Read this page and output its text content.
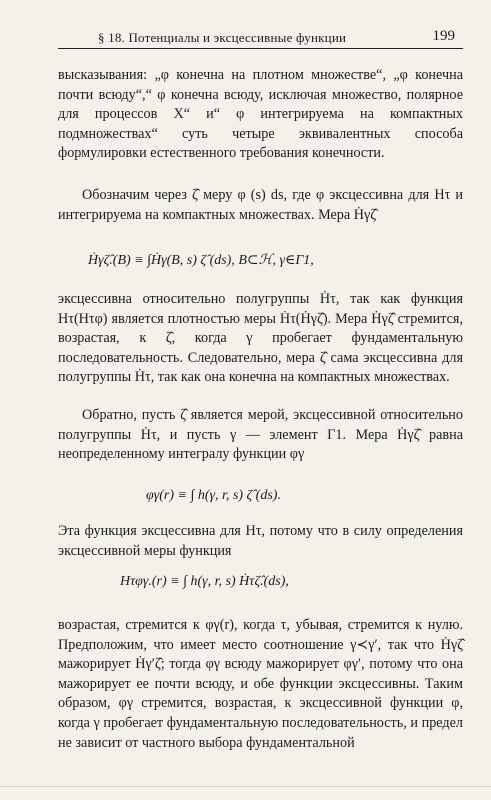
§ 18. Потенциалы и эксцессивные функции	199

высказывания: „φ конечна на плотном множестве“, „φ конечна почти всюду“,“ φ конечна всюду, исключая множество, полярное для процессов X“ и“ φ интегрируема на компактных подмножествах“ суть четыре эквивалентных способа формулировки естественного требования конечности.

Обозначим через ζ̂ меру φ (s) ds, где φ эксцессивна для Hτ и интегрируема на компактных множествах. Мера Ḣγζ̂

Ḣγζ̂.(B) ≡ ∫Ḣγ(B, s) ζ̂ (ds), B⊂ℋ, γ∈Γ1,

эксцессивна относительно полугруппы Ḣτ, так как функция Hτ(Hτφ) является плотностью меры Ḣτ(Ḣγζ̂). Мера Ḣγζ̂ стремится, возрастая, к ζ̂, когда γ пробегает фундаментальную последовательность. Следовательно, мера ζ̂ сама эксцессивна для полугруппы Ḣτ, так как она конечна на компактных множествах.

Обратно, пусть ζ̂ является мерой, эксцессивной относительно полугруппы Ḣτ, и пусть γ — элемент Γ1. Мера Ḣγζ̂ равна неопределенному интегралу функции φγ

φγ(r) ≡ ∫ h(γ, r, s) ζ̂ (ds).

Эта функция эксцессивна для Hτ, потому что в силу определения эксцессивной меры функция

Hτφγ.(r) ≡ ∫ h(γ, r, s) Ḣτζ̂.(ds),

возрастая, стремится к φγ(r), когда τ, убывая, стремится к нулю. Предположим, что имеет место соотношение γ≺γ′, так что Ḣγζ̂ мажорирует Ḣγ′ζ̂; тогда φγ всюду мажорирует φγ′, потому что она мажорирует ее почти всюду, и обе функции эксцессивны. Таким образом, φγ стремится, возрастая, к эксцессивной функции φ, когда γ пробегает фундаментальную последовательность, и предел не зависит от частного выбора фундаментальной
